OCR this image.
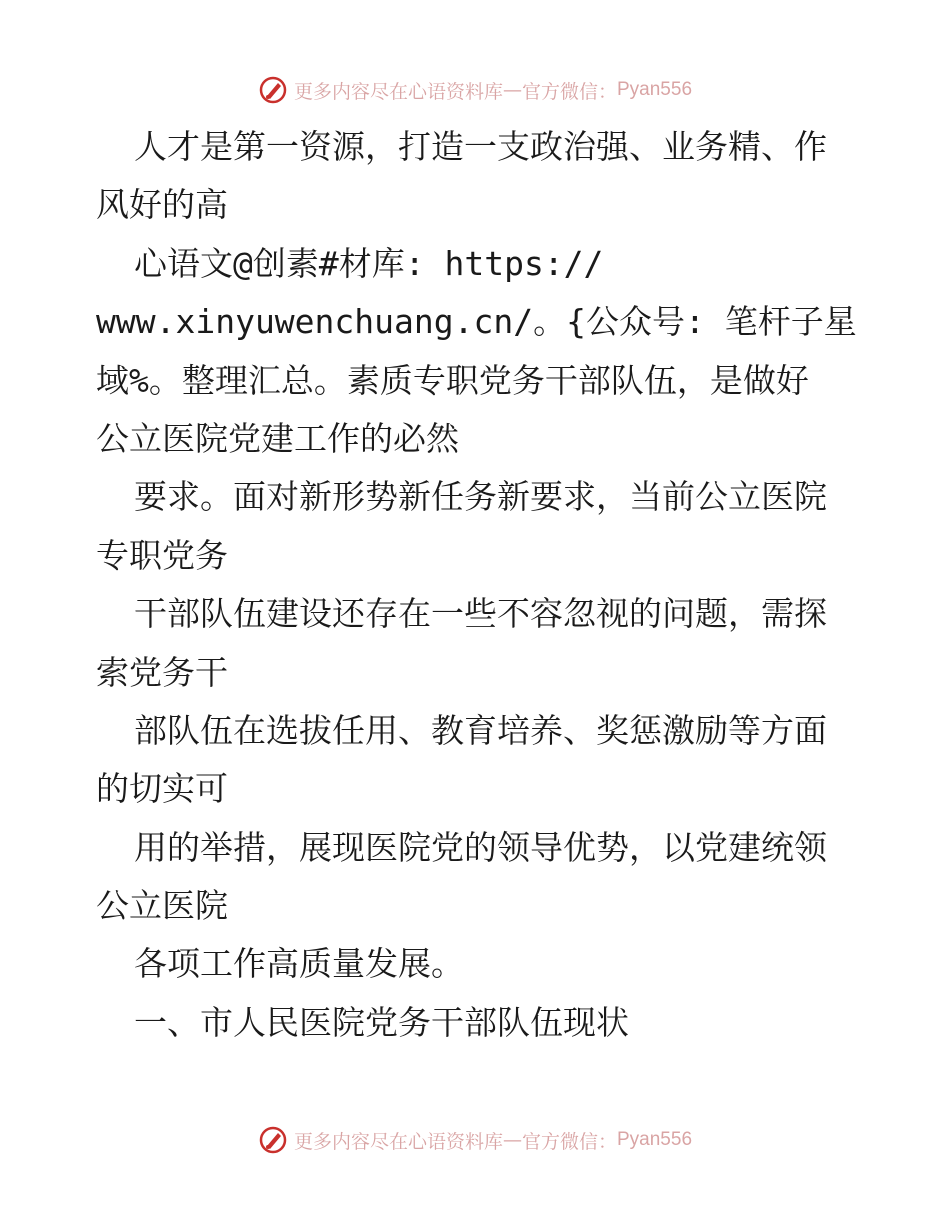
更多内容尽在心语资料库 — 官方微信： Pyan556
人才是第一资源，打造一支政治强、业务精、作
风好的高
心语文@创素#材库: https://
www.xinyuwenchuang.cn/。{公众号: 笔杆子星
域%。整理汇总。素质专职党务干部队伍，是做好
公立医院党建工作的必然
要求。面对新形势新任务新要求，当前公立医院
专职党务
干部队伍建设还存在一些不容忽视的问题，需探
索党务干
部队伍在选拔任用、教育培养、奖惩激励等方面
的切实可
用的举措，展现医院党的领导优势，以党建统领
公立医院
各项工作高质量发展。
一、市人民医院党务干部队伍现状
更多内容尽在心语资料库 — 官方微信： Pyan556
